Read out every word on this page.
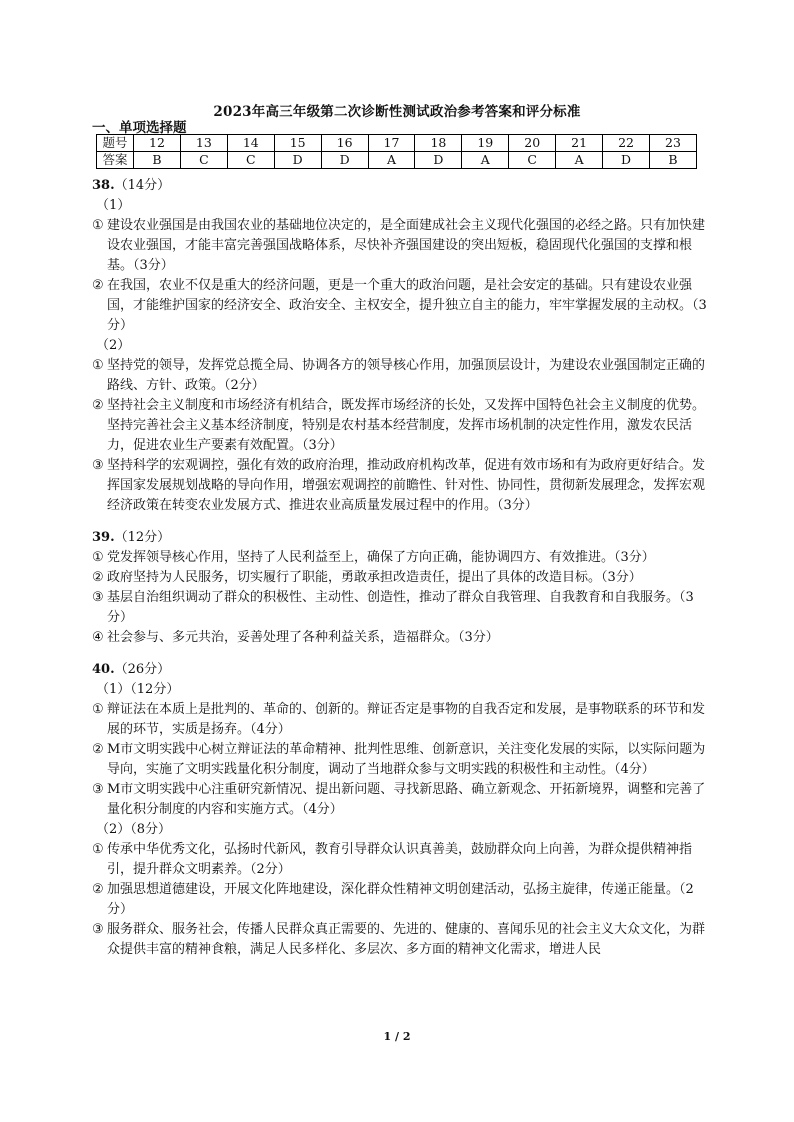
2023年高三年级第二次诊断性测试政治参考答案和评分标准
一、单项选择题
题号	12	13	14	15	16	17	18	19	20	21	22	23
答案	B	C	C	D	D	A	D	A	C	A	D	B
38.（14分）
（1）
① 建设农业强国是由我国农业的基础地位决定的，是全面建成社会主义现代化强国的必经之路。只有加快建设农业强国，才能丰富完善强国战略体系，尽快补齐强国建设的突出短板，稳固现代化强国的支撑和根基。（3分）
② 在我国，农业不仅是重大的经济问题，更是一个重大的政治问题，是社会安定的基础。只有建设农业强国，才能维护国家的经济安全、政治安全、主权安全，提升独立自主的能力，牢牢掌握发展的主动权。（3分）
（2）
① 坚持党的领导，发挥党总揽全局、协调各方的领导核心作用，加强顶层设计，为建设农业强国制定正确的路线、方针、政策。（2分）
② 坚持社会主义制度和市场经济有机结合，既发挥市场经济的长处，又发挥中国特色社会主义制度的优势。坚持完善社会主义基本经济制度，特别是农村基本经营制度，发挥市场机制的决定性作用，激发农民活力，促进农业生产要素有效配置。（3分）
③ 坚持科学的宏观调控，强化有效的政府治理，推动政府机构改革，促进有效市场和有为政府更好结合。发挥国家发展规划战略的导向作用，增强宏观调控的前瞻性、针对性、协同性，贯彻新发展理念，发挥宏观经济政策在转变农业发展方式、推进农业高质量发展过程中的作用。（3分）
39.（12分）
① 党发挥领导核心作用，坚持了人民利益至上，确保了方向正确，能协调四方、有效推进。（3分）
② 政府坚持为人民服务，切实履行了职能，勇敢承担改造责任，提出了具体的改造目标。（3分）
③ 基层自治组织调动了群众的积极性、主动性、创造性，推动了群众自我管理、自我教育和自我服务。（3分）
④ 社会参与、多元共治，妥善处理了各种利益关系，造福群众。（3分）
40.（26分）
（1）（12分）
① 辩证法在本质上是批判的、革命的、创新的。辩证否定是事物的自我否定和发展，是事物联系的环节和发展的环节，实质是扬弃。（4分）
② M市文明实践中心树立辩证法的革命精神、批判性思维、创新意识，关注变化发展的实际，以实际问题为导向，实施了文明实践量化积分制度，调动了当地群众参与文明实践的积极性和主动性。（4分）
③ M市文明实践中心注重研究新情况、提出新问题、寻找新思路、确立新观念、开拓新境界，调整和完善了量化积分制度的内容和实施方式。（4分）
（2）（8分）
① 传承中华优秀文化，弘扬时代新风，教育引导群众认识真善美，鼓励群众向上向善，为群众提供精神指引，提升群众文明素养。（2分）
② 加强思想道德建设，开展文化阵地建设，深化群众性精神文明创建活动，弘扬主旋律，传递正能量。（2分）
③ 服务群众、服务社会，传播人民群众真正需要的、先进的、健康的、喜闻乐见的社会主义大众文化，为群众提供丰富的精神食粮，满足人民多样化、多层次、多方面的精神文化需求，增进人民
1 / 2
